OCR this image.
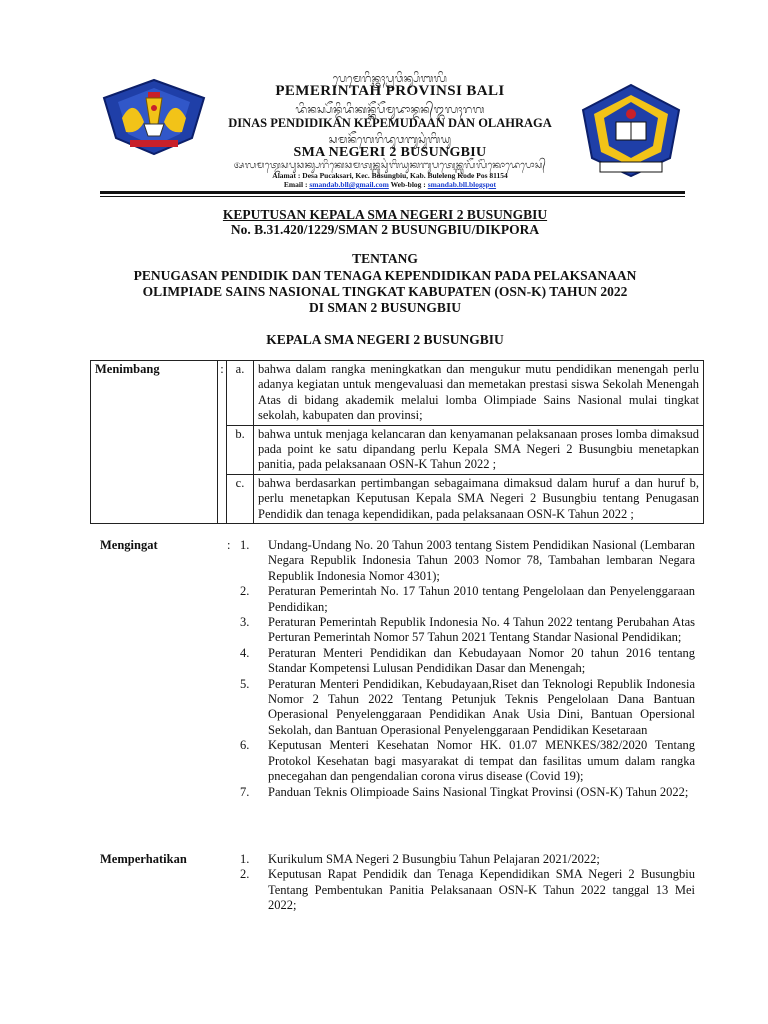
ᬧᬾᬫᬾᬭᬶᬦ᭄ᬢᬄᬧ᭄ᬭᬯᬶᬦ᭄ᬲᬶᬩᬮᬶ
PEMERINTAH PROVINSI BALI
ᬤᬶᬦᬲ᭄ᬧᭂᬦ᭄ᬤᬶᬤᬶᬓᬦ᭄ᬓᭂᬧᭂᬫᬸᬤᬵᬦ᭄ᬤᬦ᭄ᬑᬮᬄᬭᬕ
DINAS PENDIDIKAN KEPEMUDAAN DAN OLAHRAGA
ᬲᬫᬦᭂᬕᬾᬭᬶᬤᬸᬯᬩᬸᬲᬸᬂᬩᬶᬬᬸ
SMA NEGERI 2 BUSUNGBIU
ᬅᬮᬫᬢ᭄ᬤᬾᬲᬧᬸᬘᬓ᭄ᬲᬭᬶᬓᬾᬘᬫᬢᬦ᭄ᬩᬸᬲᬸᬂᬩᬶᬬᬸᬓᬩᬸᬧᬢᬾᬦ᭄ᬩᬸᬮᭂᬮᭂᬂᬓᭀᬤᬾᬧᭀᬲ᭄
Alamat : Desa Pucaksari, Kec. Busungbiu, Kab. Buleleng Kode Pos 81154
Email : smandab.bll@gmail.com Web-blog : smandab.bll.blogspot
KEPUTUSAN KEPALA SMA NEGERI 2 BUSUNGBIU
No. B.31.420/1229/SMAN 2 BUSUNGBIU/DIKPORA
TENTANG
PENUGASAN PENDIDIK DAN TENAGA KEPENDIDIKAN PADA PELAKSANAAN
OLIMPIADE SAINS NASIONAL TINGKAT KABUPATEN (OSN-K) TAHUN 2022
DI SMAN 2 BUSUNGBIU
KEPALA SMA NEGERI 2 BUSUNGBIU
Menimbang	:	a.	bahwa dalam rangka meningkatkan dan mengukur mutu pendidikan menengah perlu adanya kegiatan untuk mengevaluasi dan memetakan prestasi siswa Sekolah Menengah Atas di bidang akademik melalui lomba Olimpiade Sains Nasional mulai tingkat sekolah, kabupaten dan provinsi;
		b.	bahwa untuk menjaga kelancaran dan kenyamanan pelaksanaan proses lomba dimaksud pada point ke satu dipandang perlu Kepala SMA Negeri 2 Busungbiu menetapkan panitia, pada pelaksanaan OSN-K Tahun 2022 ;
		c.	bahwa berdasarkan pertimbangan sebagaimana dimaksud dalam huruf a dan huruf b, perlu menetapkan Keputusan Kepala SMA Negeri 2 Busungbiu tentang Penugasan Pendidik dan tenaga kependidikan, pada pelaksanaan OSN-K Tahun 2022 ;
Mengingat	: 1.	Undang-Undang No. 20 Tahun 2003 tentang Sistem Pendidikan Nasional (Lembaran Negara Republik Indonesia Tahun 2003 Nomor 78, Tambahan lembaran Negara Republik Indonesia Nomor 4301);
2.	Peraturan Pemerintah No. 17 Tahun 2010 tentang Pengelolaan dan Penyelenggaraan Pendidikan;
3.	Peraturan Pemerintah Republik Indonesia No. 4 Tahun 2022 tentang Perubahan Atas Perturan Pemerintah Nomor 57 Tahun 2021 Tentang Standar Nasional Pendidikan;
4.	Peraturan Menteri Pendidikan dan Kebudayaan Nomor 20 tahun 2016 tentang Standar Kompetensi Lulusan Pendidikan Dasar dan Menengah;
5.	Peraturan Menteri Pendidikan, Kebudayaan,Riset dan Teknologi Republik Indonesia Nomor 2 Tahun 2022 Tentang Petunjuk Teknis Pengelolaan Dana Bantuan Operasional Penyelenggaraan Pendidikan Anak Usia Dini, Bantuan Opersional Sekolah, dan Bantuan Operasional Penyelenggaraan Pendidikan Kesetaraan
6.	Keputusan Menteri Kesehatan Nomor HK. 01.07 MENKES/382/2020 Tentang Protokol Kesehatan bagi masyarakat di tempat dan fasilitas umum dalam rangka pnecegahan dan pengendalian corona virus disease (Covid 19);
7.	Panduan Teknis Olimpioade Sains Nasional Tingkat Provinsi (OSN-K) Tahun 2022;
Memperhatikan	1.	Kurikulum SMA Negeri 2 Busungbiu Tahun Pelajaran 2021/2022;
2.	Keputusan Rapat Pendidik dan Tenaga Kependidikan SMA Negeri 2 Busungbiu Tentang Pembentukan Panitia Pelaksanaan OSN-K Tahun 2022 tanggal 13 Mei 2022;
